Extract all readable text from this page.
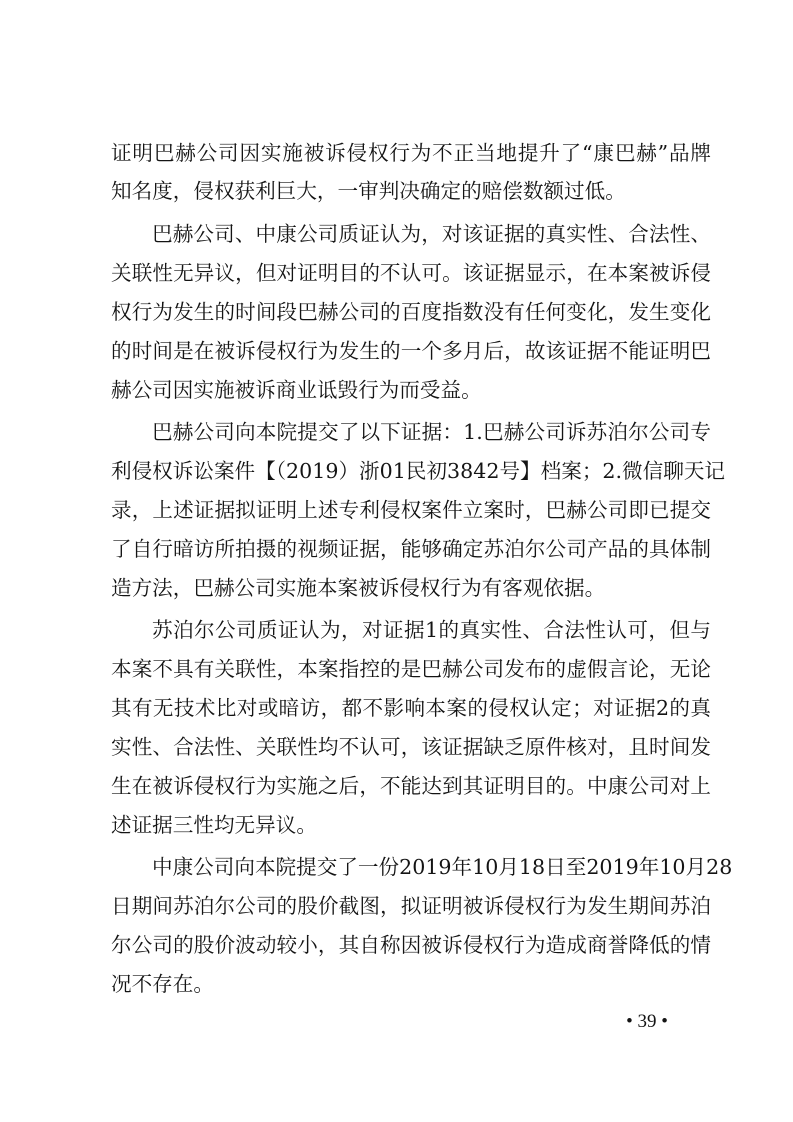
证明巴赫公司因实施被诉侵权行为不正当地提升了“康巴赫”品牌
知名度，侵权获利巨大，一审判决确定的赔偿数额过低。
巴赫公司、中康公司质证认为，对该证据的真实性、合法性、
关联性无异议，但对证明目的不认可。该证据显示，在本案被诉侵
权行为发生的时间段巴赫公司的百度指数没有任何变化，发生变化
的时间是在被诉侵权行为发生的一个多月后，故该证据不能证明巴
赫公司因实施被诉商业诋毁行为而受益。
巴赫公司向本院提交了以下证据：1.巴赫公司诉苏泊尔公司专
利侵权诉讼案件【（2019）浙01民初3842号】档案；2.微信聊天记
录，上述证据拟证明上述专利侵权案件立案时，巴赫公司即已提交
了自行暗访所拍摄的视频证据，能够确定苏泊尔公司产品的具体制
造方法，巴赫公司实施本案被诉侵权行为有客观依据。
苏泊尔公司质证认为，对证据1的真实性、合法性认可，但与
本案不具有关联性，本案指控的是巴赫公司发布的虚假言论，无论
其有无技术比对或暗访，都不影响本案的侵权认定；对证据2的真
实性、合法性、关联性均不认可，该证据缺乏原件核对，且时间发
生在被诉侵权行为实施之后，不能达到其证明目的。中康公司对上
述证据三性均无异议。
中康公司向本院提交了一份2019年10月18日至2019年10月28
日期间苏泊尔公司的股价截图，拟证明被诉侵权行为发生期间苏泊
尔公司的股价波动较小，其自称因被诉侵权行为造成商誉降低的情
况不存在。
• 39 •
